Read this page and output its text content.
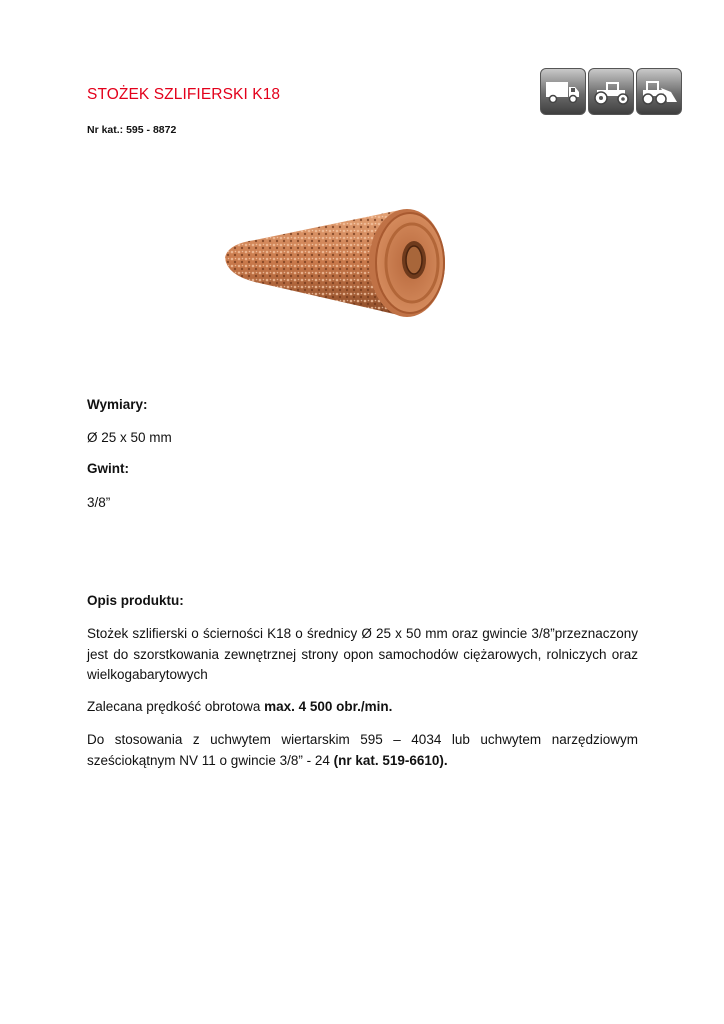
STOŻEK SZLIFIERSKI K18
Nr kat.: 595 - 8872

Wymiary:

Ø 25 x 50 mm

Gwint:

3/8”

Opis produktu:

Stożek szlifierski o ścierności K18 o średnicy Ø 25 x 50 mm oraz gwincie 3/8”przeznaczony jest do szorstkowania zewnętrznej strony opon samochodów ciężarowych, rolniczych oraz wielkogabarytowych

Zalecana prędkość obrotowa max. 4 500 obr./min.

Do stosowania z uchwytem wiertarskim 595 – 4034 lub uchwytem narzędziowym sześciokątnym NV 11 o gwincie 3/8” - 24 (nr kat. 519-6610).
